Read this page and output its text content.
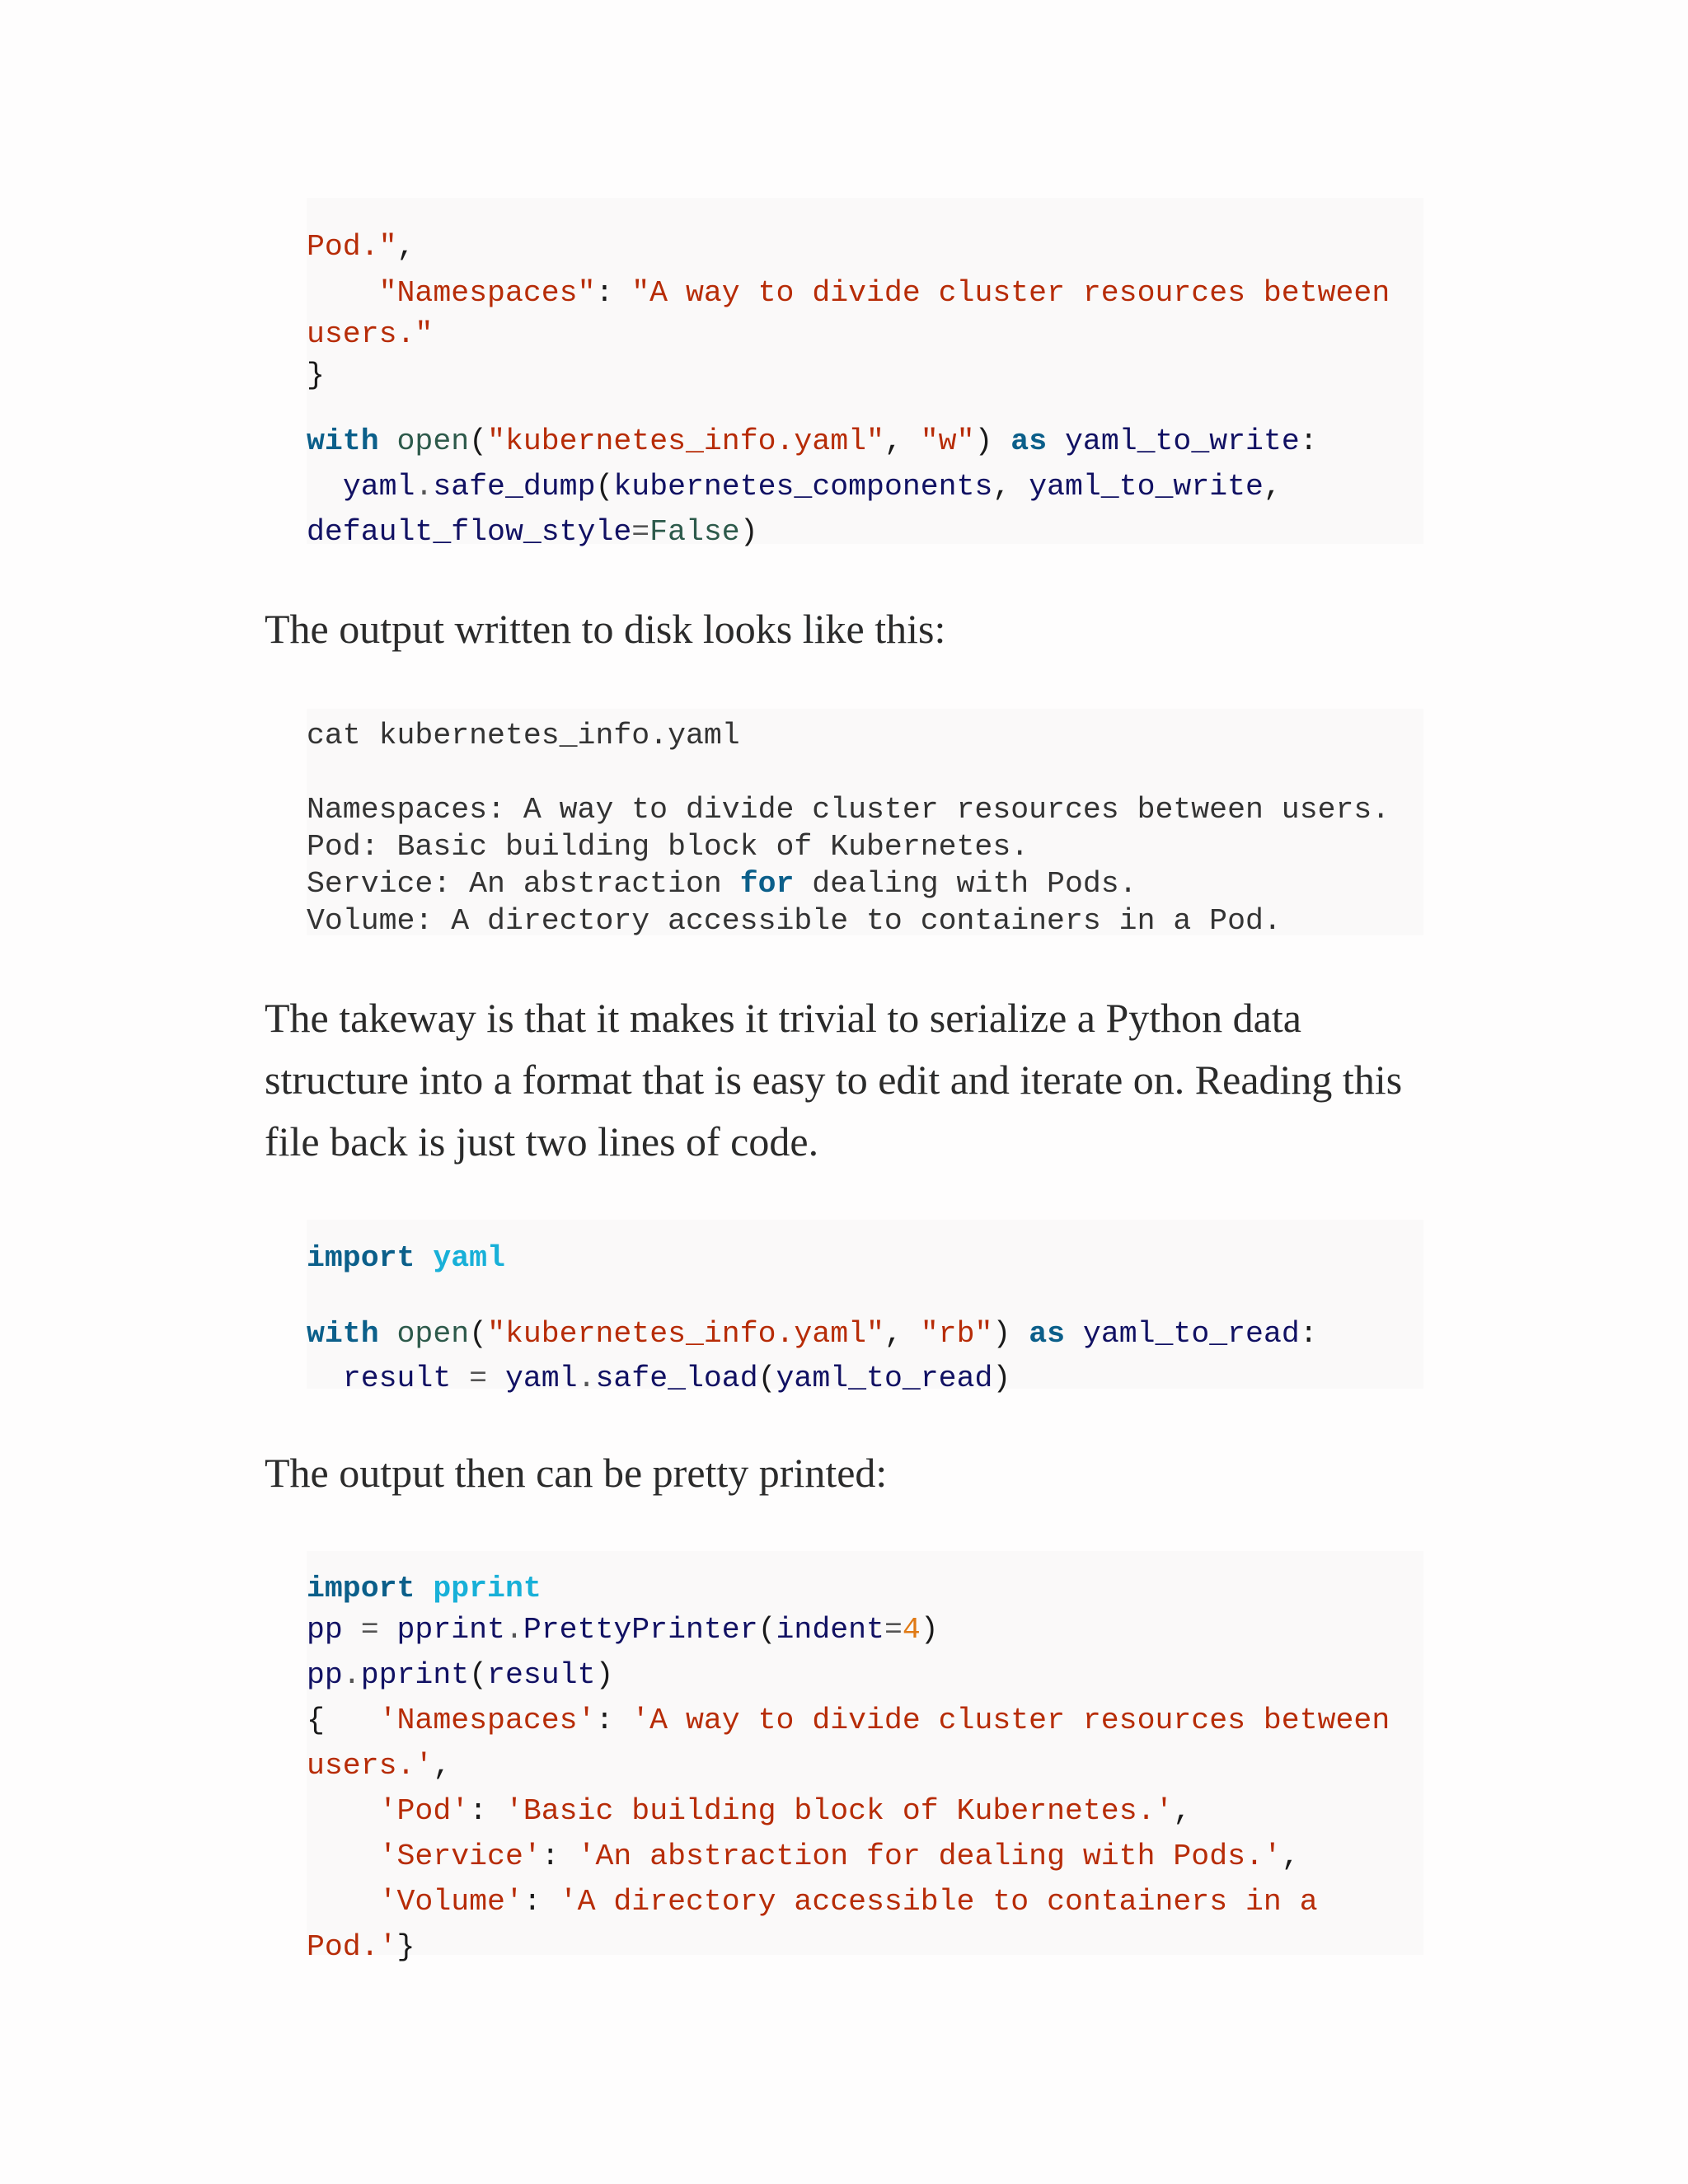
Pod.",
"Namespaces": "A way to divide cluster resources between
users."
}
with open("kubernetes_info.yaml", "w") as yaml_to_write:
yaml.safe_dump(kubernetes_components, yaml_to_write,
default_flow_style=False)
The output written to disk looks like this:
cat kubernetes_info.yaml
Namespaces: A way to divide cluster resources between users.
Pod: Basic building block of Kubernetes.
Service: An abstraction for dealing with Pods.
Volume: A directory accessible to containers in a Pod.
The takeway is that it makes it trivial to serialize a Python data structure into a format that is easy to edit and iterate on. Reading this file back is just two lines of code.
import yaml
with open("kubernetes_info.yaml", "rb") as yaml_to_read:
result = yaml.safe_load(yaml_to_read)
The output then can be pretty printed:
import pprint
pp = pprint.PrettyPrinter(indent=4)
pp.pprint(result)
{   'Namespaces': 'A way to divide cluster resources between
users.',
'Pod': 'Basic building block of Kubernetes.',
'Service': 'An abstraction for dealing with Pods.',
'Volume': 'A directory accessible to containers in a
Pod.'}
